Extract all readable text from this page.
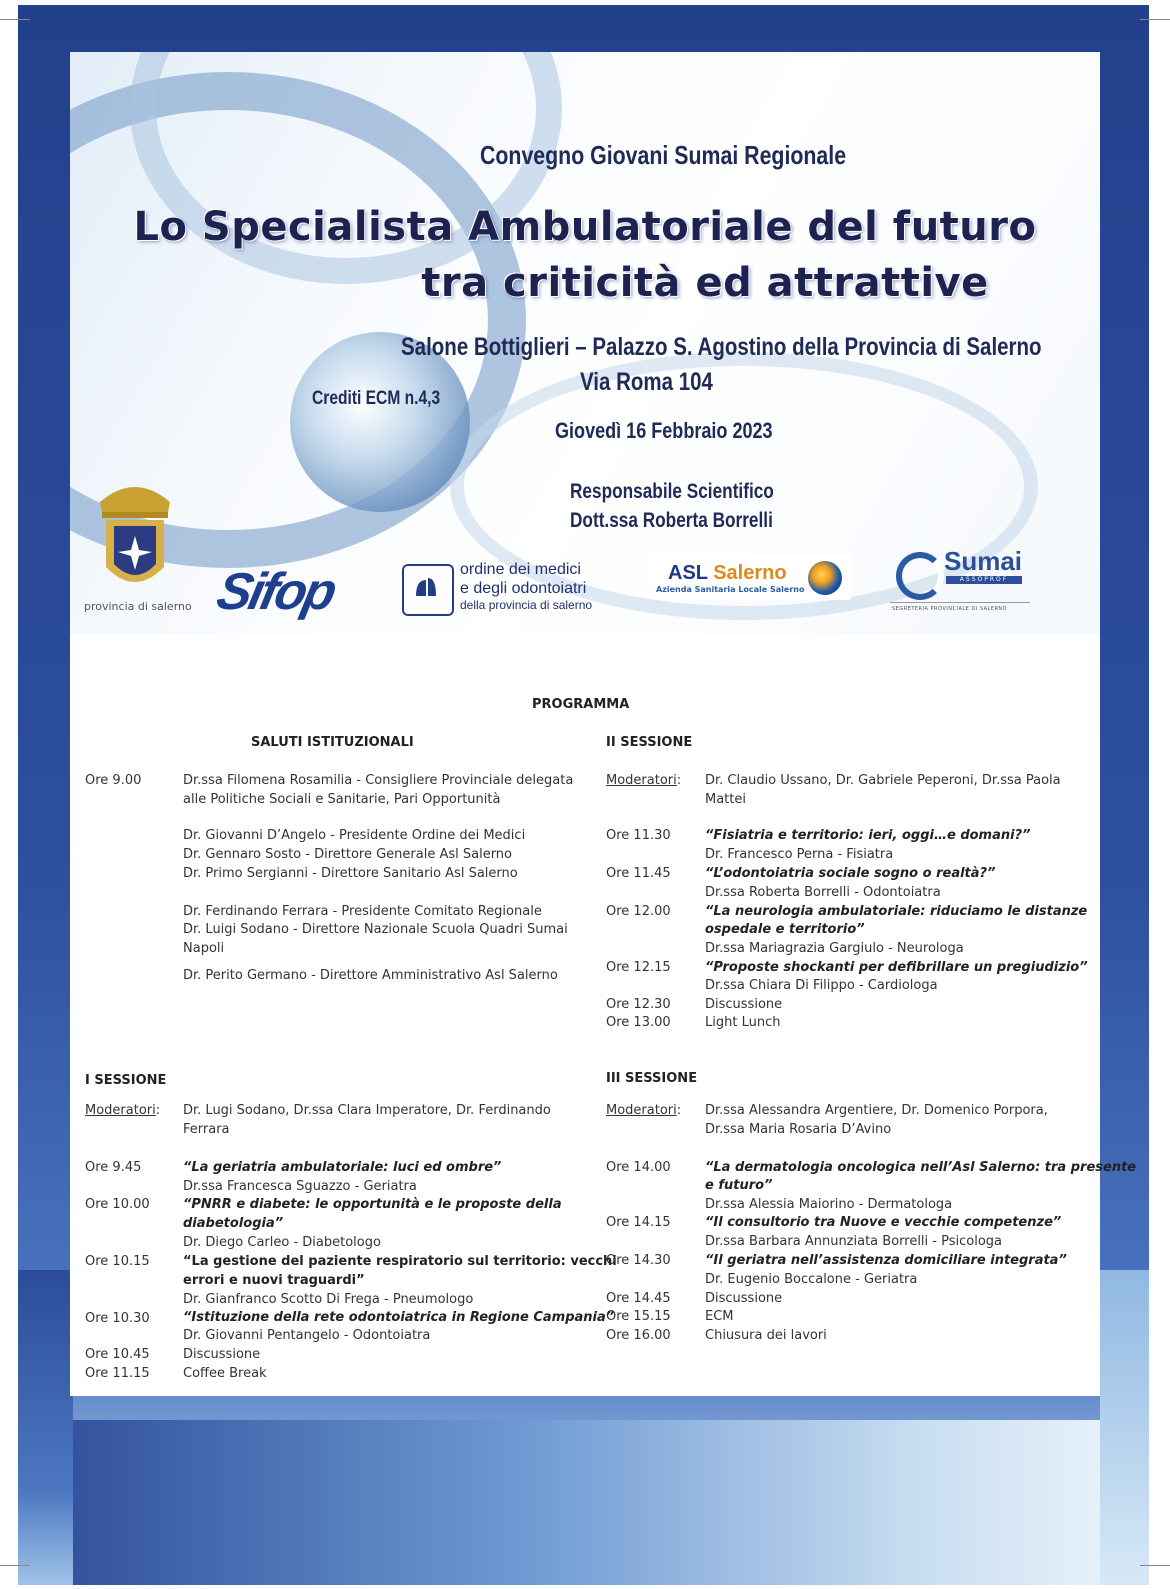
Convegno Giovani Sumai Regionale
Lo Specialista Ambulatoriale del futuro
tra criticità ed attrattive
Salone Bottiglieri – Palazzo S. Agostino della Provincia di Salerno
Via Roma 104
Crediti ECM n.4,3
Giovedì 16 Febbraio 2023
Responsabile Scientifico
Dott.ssa Roberta Borrelli
provincia di salerno Sifop	ordine dei medici
e degli odontoiatri
della provincia di salerno
ASL Salerno
Azienda Sanitaria Locale Salerno
Sumai
ASSOPROF
SEGRETERIA PROVINCIALE DI SALERNO
PROGRAMMA
SALUTI ISTITUZIONALI
Ore 9.00	Dr.ssa Filomena Rosamilia - Consigliere Provinciale delegata
alle Politiche Sociali e Sanitarie, Pari Opportunità
Dr. Giovanni D’Angelo - Presidente Ordine dei Medici
Dr. Gennaro Sosto - Direttore Generale Asl Salerno
Dr. Primo Sergianni - Direttore Sanitario Asl Salerno
Dr. Ferdinando Ferrara - Presidente Comitato Regionale
Dr. Luigi Sodano - Direttore Nazionale Scuola Quadri Sumai
Napoli
Dr. Perito Germano - Direttore Amministrativo Asl Salerno
II SESSIONE
Moderatori: Dr. Claudio Ussano, Dr. Gabriele Peperoni, Dr.ssa Paola
Mattei
Ore 11.30	“Fisiatria e territorio: ieri, oggi…e domani?”
Dr. Francesco Perna - Fisiatra
Ore 11.45	“L’odontoiatria sociale sogno o realtà?”
Dr.ssa Roberta Borrelli - Odontoiatra
Ore 12.00	“La neurologia ambulatoriale: riduciamo le distanze
ospedale e territorio”
Dr.ssa Mariagrazia Gargiulo - Neurologa
Ore 12.15	“Proposte shockanti per defibrillare un pregiudizio”
Dr.ssa Chiara Di Filippo - Cardiologa
Ore 12.30	Discussione
Ore 13.00	Light Lunch
I SESSIONE
Moderatori: Dr. Lugi Sodano, Dr.ssa Clara Imperatore, Dr. Ferdinando
Ferrara
Ore 9.45	“La geriatria ambulatoriale: luci ed ombre”
Dr.ssa Francesca Sguazzo - Geriatra
Ore 10.00	“PNRR e diabete: le opportunità e le proposte della
diabetologia”
Dr. Diego Carleo - Diabetologo
Ore 10.15	“La gestione del paziente respiratorio sul territorio: vecchi
errori e nuovi traguardi”
Dr. Gianfranco Scotto Di Frega - Pneumologo
Ore 10.30	“Istituzione della rete odontoiatrica in Regione Campania”
Dr. Giovanni Pentangelo - Odontoiatra
Ore 10.45	Discussione
Ore 11.15	Coffee Break
III SESSIONE
Moderatori: Dr.ssa Alessandra Argentiere, Dr. Domenico Porpora,
Dr.ssa Maria Rosaria D’Avino
Ore 14.00	“La dermatologia oncologica nell’Asl Salerno: tra presente
e futuro”
Dr.ssa Alessia Maiorino - Dermatologa
Ore 14.15	“Il consultorio tra Nuove e vecchie competenze”
Dr.ssa Barbara Annunziata Borrelli - Psicologa
Ore 14.30	“Il geriatra nell’assistenza domiciliare integrata”
Dr. Eugenio Boccalone - Geriatra
Ore 14.45	Discussione
Ore 15.15	ECM
Ore 16.00	Chiusura dei lavori
